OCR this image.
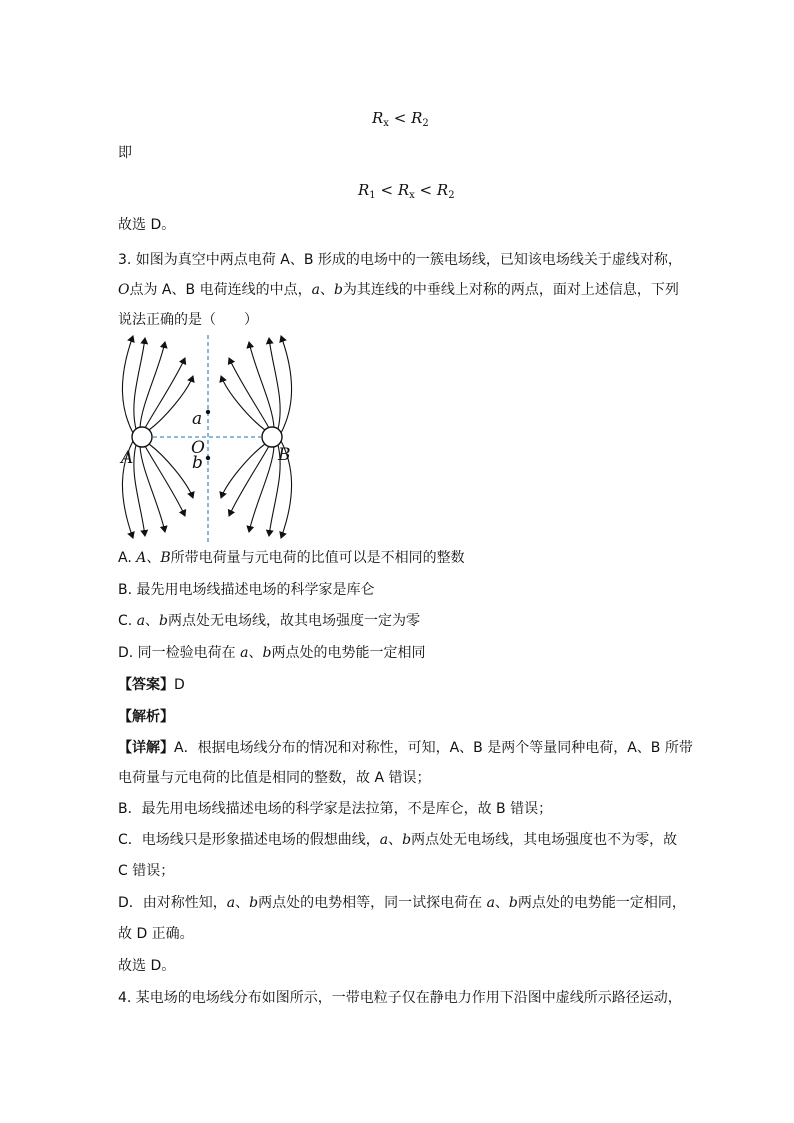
$R_x < R_2$
即
$R_1 < R_x < R_2$
故选 D。
3. 如图为真空中两点电荷 A、B 形成的电场中的一簇电场线，已知该电场线关于虚线对称，
O点为 A、B 电荷连线的中点，a、b为其连线的中垂线上对称的两点，面对上述信息，下列
说法正确的是（　　）
A	B
O
a
b
A. A、B所带电荷量与元电荷的比值可以是不相同的整数
B. 最先用电场线描述电场的科学家是库仑
C. a、b两点处无电场线，故其电场强度一定为零
D. 同一检验电荷在 a、b两点处的电势能一定相同
【答案】D
【解析】
【详解】A．根据电场线分布的情况和对称性，可知，A、B 是两个等量同种电荷，A、B 所带
电荷量与元电荷的比值是相同的整数，故 A 错误；
B．最先用电场线描述电场的科学家是法拉第，不是库仑，故 B 错误；
C．电场线只是形象描述电场的假想曲线，a、b两点处无电场线，其电场强度也不为零，故
C 错误；
D．由对称性知，a、b两点处的电势相等，同一试探电荷在 a、b两点处的电势能一定相同，
故 D 正确。
故选 D。
4. 某电场的电场线分布如图所示，一带电粒子仅在静电力作用下沿图中虚线所示路径运动，
